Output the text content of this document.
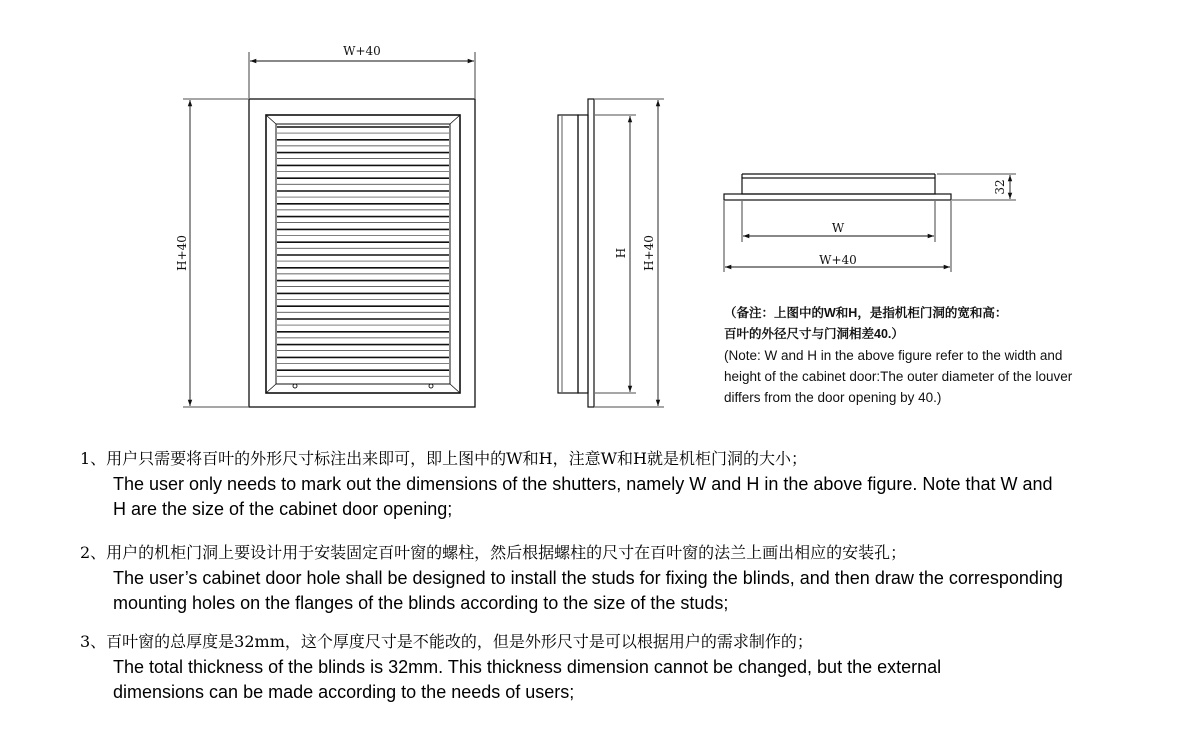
W+40
H+40	H H+40
32
W
W+40

（备注：上图中的W和H，是指机柜门洞的宽和高：

百叶的外径尺寸与门洞相差40.）

(Note: W and H in the above figure refer to the width and height of the cabinet door:The outer diameter of the louver differs from the door opening by 40.)

1、用户只需要将百叶的外形尺寸标注出来即可，即上图中的W和H，注意W和H就是机柜门洞的大小；

The user only needs to mark out the dimensions of the shutters, namely W and H in the above figure. Note that W and H are the size of the cabinet door opening;

2、用户的机柜门洞上要设计用于安装固定百叶窗的螺柱，然后根据螺柱的尺寸在百叶窗的法兰上画出相应的安装孔；

The user’s cabinet door hole shall be designed to install the studs for fixing the blinds, and then draw the corresponding mounting holes on the flanges of the blinds according to the size of the studs;

3、百叶窗的总厚度是32mm，这个厚度尺寸是不能改的，但是外形尺寸是可以根据用户的需求制作的；

The total thickness of the blinds is 32mm. This thickness dimension cannot be changed, but the external dimensions can be made according to the needs of users;
